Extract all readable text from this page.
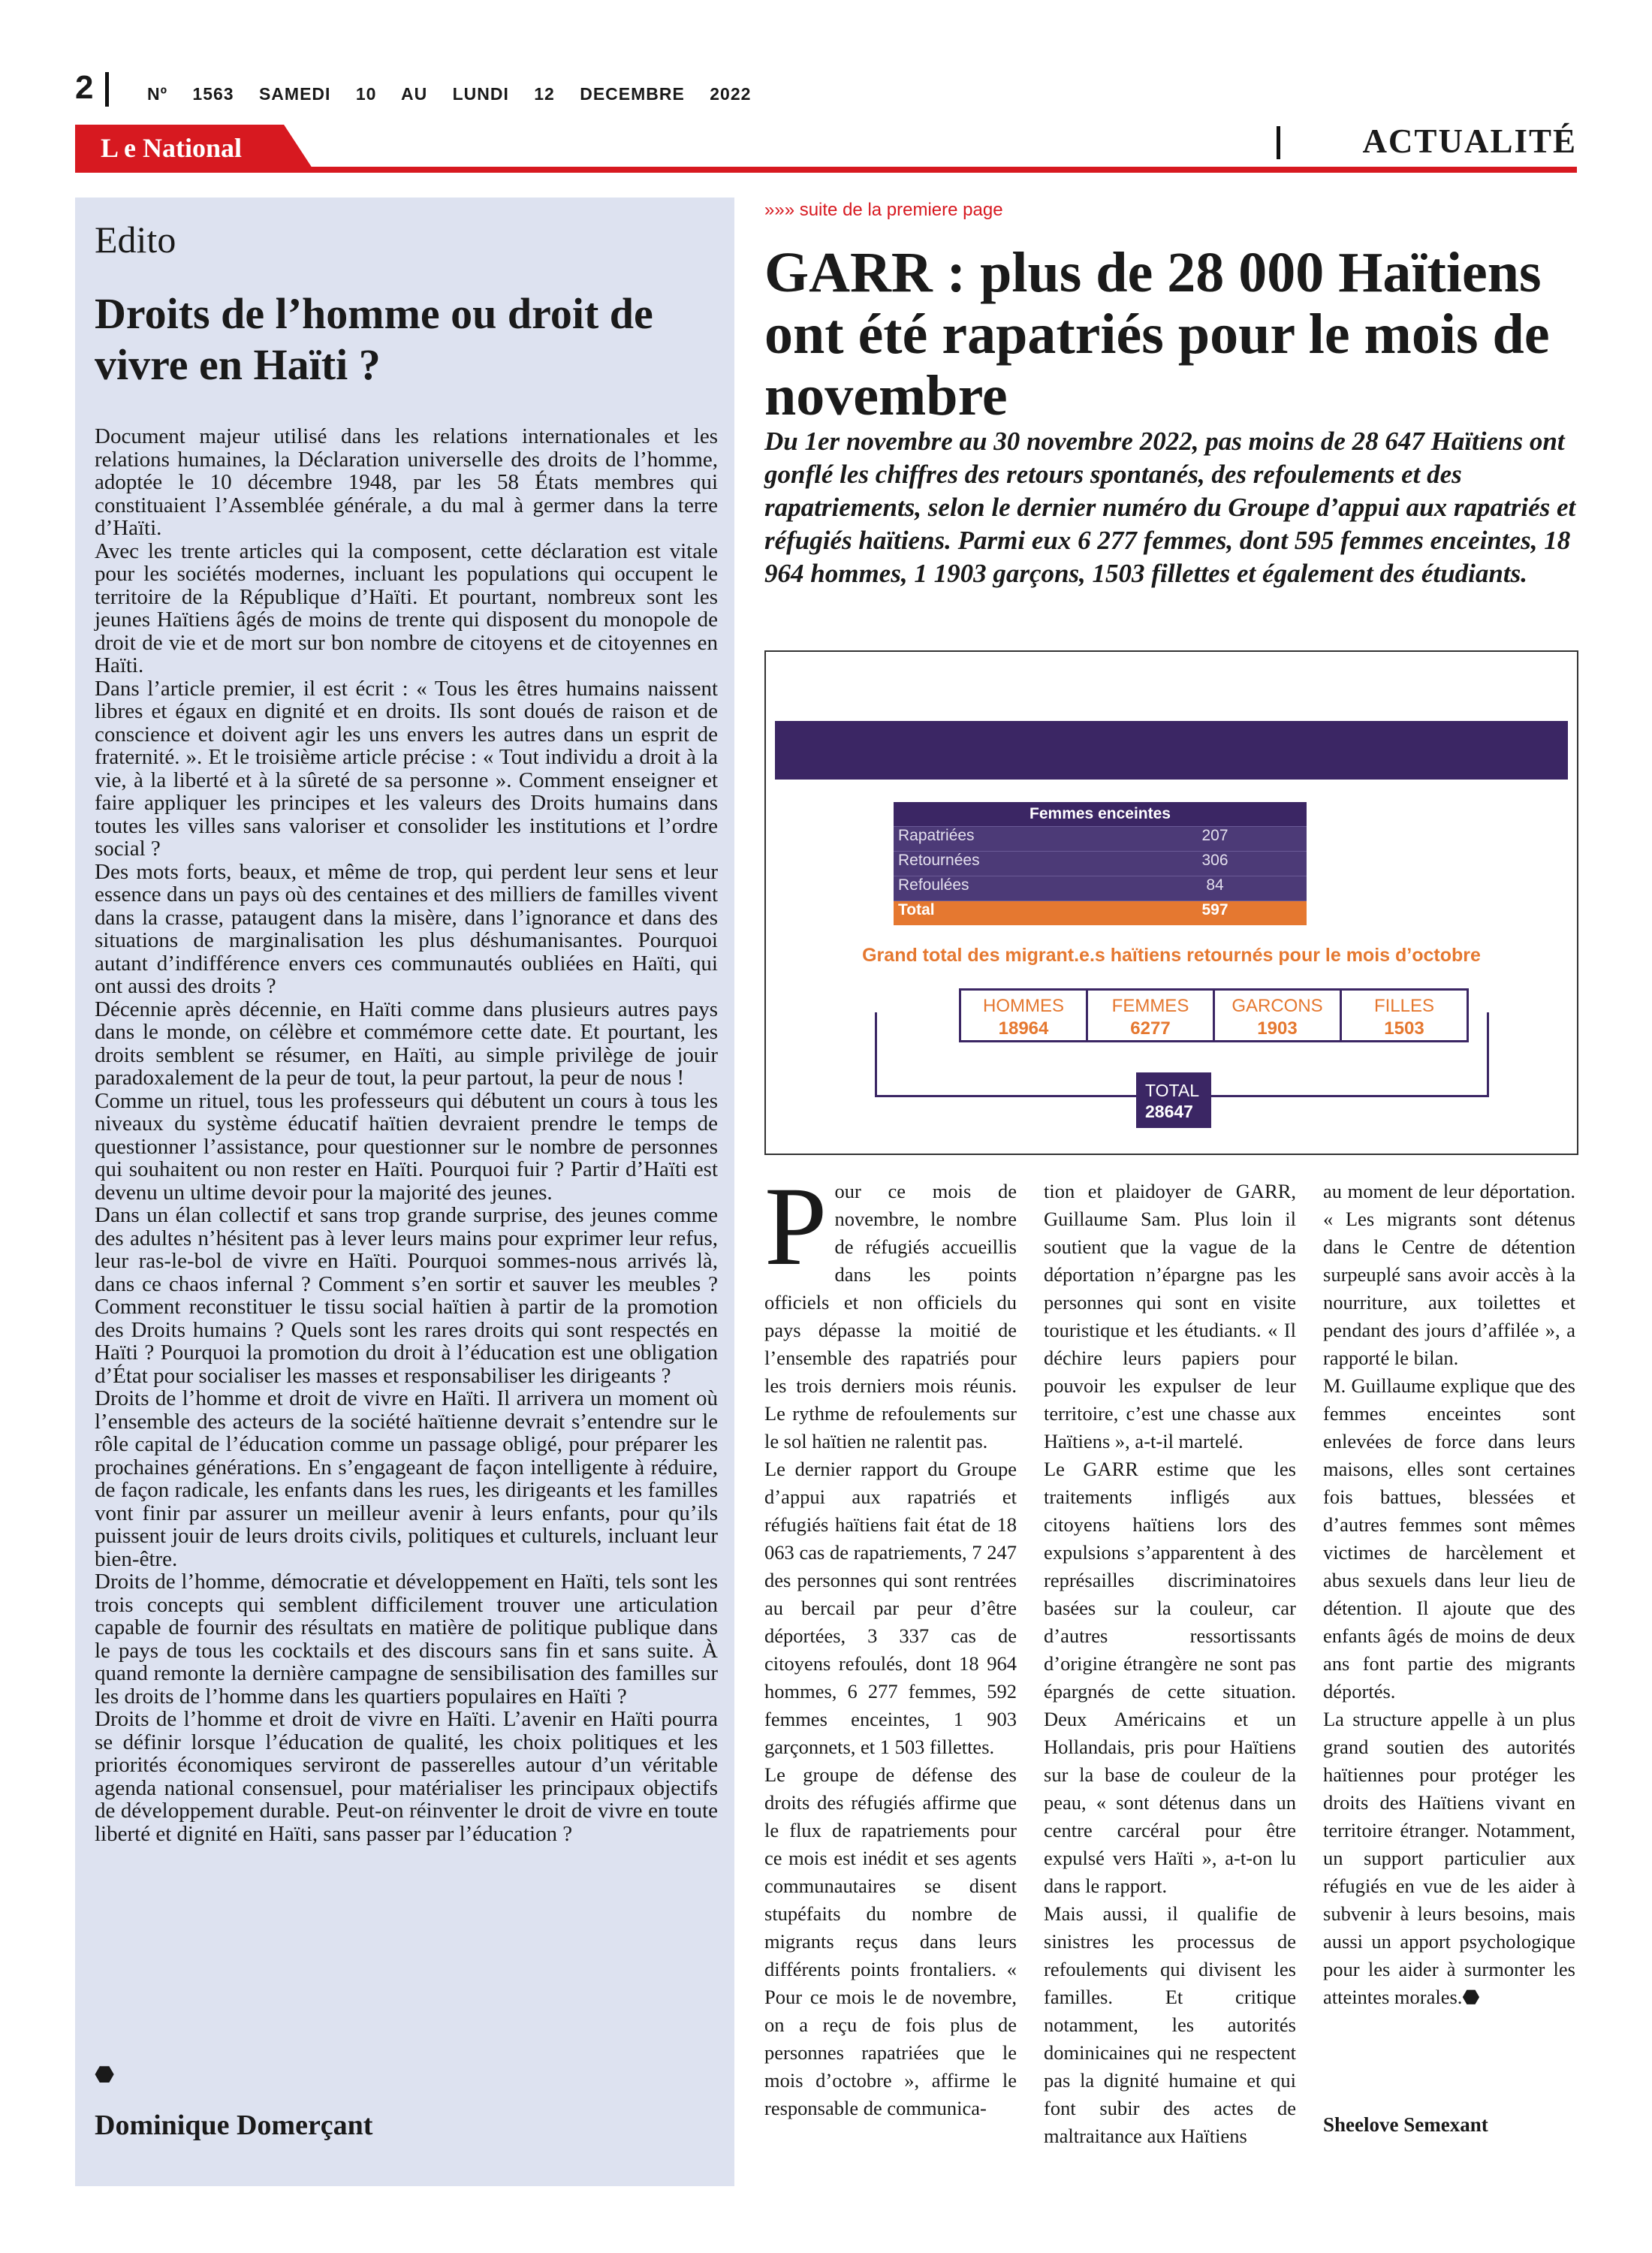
2	Nº 1563 SAMEDI 10 AU LUNDI 12 DECEMBRE 2022
L e National	ACTUALITÉ
Edito
Droits de l’homme ou droit de vivre en Haïti ?

Document majeur utilisé dans les relations internationales et les relations humaines, la Déclaration universelle des droits de l’homme, adoptée le 10 décembre 1948, par les 58 États membres qui constituaient l’Assemblée générale, a du mal à germer dans la terre d’Haïti.

Avec les trente articles qui la composent, cette déclaration est vitale pour les sociétés modernes, incluant les populations qui occupent le territoire de la République d’Haïti. Et pourtant, nombreux sont les jeunes Haïtiens âgés de moins de trente qui disposent du monopole de droit de vie et de mort sur bon nombre de citoyens et de citoyennes en Haïti.

Dans l’article premier, il est écrit : « Tous les êtres humains naissent libres et égaux en dignité et en droits. Ils sont doués de raison et de conscience et doivent agir les uns envers les autres dans un esprit de fraternité. ». Et le troisième article précise : « Tout individu a droit à la vie, à la liberté et à la sûreté de sa personne ». Comment enseigner et faire appliquer les principes et les valeurs des Droits humains dans toutes les villes sans valoriser et consolider les institutions et l’ordre social ?

Des mots forts, beaux, et même de trop, qui perdent leur sens et leur essence dans un pays où des centaines et des milliers de familles vivent dans la crasse, pataugent dans la misère, dans l’ignorance et dans des situations de marginalisation les plus déshumanisantes. Pourquoi autant d’indifférence envers ces communautés oubliées en Haïti, qui ont aussi des droits ?

Décennie après décennie, en Haïti comme dans plusieurs autres pays dans le monde, on célèbre et commémore cette date. Et pourtant, les droits semblent se résumer, en Haïti, au simple privilège de jouir paradoxalement de la peur de tout, la peur partout, la peur de nous !

Comme un rituel, tous les professeurs qui débutent un cours à tous les niveaux du système éducatif haïtien devraient prendre le temps de questionner l’assistance, pour questionner sur le nombre de personnes qui souhaitent ou non rester en Haïti. Pourquoi fuir ? Partir d’Haïti est devenu un ultime devoir pour la majorité des jeunes.

Dans un élan collectif et sans trop grande surprise, des jeunes comme des adultes n’hésitent pas à lever leurs mains pour exprimer leur refus, leur ras-le-bol de vivre en Haïti. Pourquoi sommes-nous arrivés là, dans ce chaos infernal ? Comment s’en sortir et sauver les meubles ? Comment reconstituer le tissu social haïtien à partir de la promotion des Droits humains ? Quels sont les rares droits qui sont respectés en Haïti ? Pourquoi la promotion du droit à l’éducation est une obligation d’État pour socialiser les masses et responsabiliser les dirigeants ?

Droits de l’homme et droit de vivre en Haïti. Il arrivera un moment où l’ensemble des acteurs de la société haïtienne devrait s’entendre sur le rôle capital de l’éducation comme un passage obligé, pour préparer les prochaines générations. En s’engageant de façon intelligente à réduire, de façon radicale, les enfants dans les rues, les dirigeants et les familles vont finir par assurer un meilleur avenir à leurs enfants, pour qu’ils puissent jouir de leurs droits civils, politiques et culturels, incluant leur bien-être.

Droits de l’homme, démocratie et développement en Haïti, tels sont les trois concepts qui semblent difficilement trouver une articulation capable de fournir des résultats en matière de politique publique dans le pays de tous les cocktails et des discours sans fin et sans suite. À quand remonte la dernière campagne de sensibilisation des familles sur les droits de l’homme dans les quartiers populaires en Haïti ?

Droits de l’homme et droit de vivre en Haïti. L’avenir en Haïti pourra se définir lorsque l’éducation de qualité, les choix politiques et les priorités économiques serviront de passerelles autour d’un véritable agenda national consensuel, pour matérialiser les principaux objectifs de développement durable. Peut-on réinventer le droit de vivre en toute liberté et dignité en Haïti, sans passer par l’éducation ?

⬣
Dominique Domerçant
»»» suite de la premiere page
GARR : plus de 28 000 Haïtiens ont été rapatriés pour le mois de novembre
Du 1er novembre au 30 novembre 2022, pas moins de 28 647 Haïtiens ont gonflé les chiffres des retours spontanés, des refoulements et des rapatriements, selon le dernier numéro du Groupe d’appui aux rapatriés et réfugiés haïtiens. Parmi eux 6 277 femmes, dont 595 femmes enceintes, 18 964 hommes, 1 1903 garçons, 1503 fillettes et également des étudiants.
Femmes enceintes
Rapatriées	207
Retournées	306
Refoulées	84
Total	597
Grand total des migrant.e.s haïtiens retournés pour le mois d’octobre
HOMMES
18964
FEMMES
6277
GARCONS
1903
FILLES
1503
TOTAL
28647

Pour ce mois de novembre, le nombre de réfugiés accueillis dans les points officiels et non officiels du pays dépasse la moitié de l’ensemble des rapatriés pour les trois derniers mois réunis. Le rythme de refoulements sur le sol haïtien ne ralentit pas.

Le dernier rapport du Groupe d’appui aux rapatriés et réfugiés haïtiens fait état de 18 063 cas de rapatriements, 7 247 des personnes qui sont rentrées au bercail par peur d’être déportées, 3 337 cas de citoyens refoulés, dont 18 964 hommes, 6 277 femmes, 592 femmes enceintes, 1 903 garçonnets, et 1 503 fillettes.

Le groupe de défense des droits des réfugiés affirme que le flux de rapatriements pour ce mois est inédit et ses agents communautaires se disent stupéfaits du nombre de migrants reçus dans leurs différents points frontaliers. « Pour ce mois le de novembre, on a reçu de fois plus de personnes rapatriées que le mois d’octobre », affirme le responsable de communica-

tion et plaidoyer de GARR, Guillaume Sam. Plus loin il soutient que la vague de la déportation n’épargne pas les personnes qui sont en visite touristique et les étudiants. « Il déchire leurs papiers pour pouvoir les expulser de leur territoire, c’est une chasse aux Haïtiens », a-t-il martelé.

Le GARR estime que les traitements infligés aux citoyens haïtiens lors des expulsions s’apparentent à des représailles discriminatoires basées sur la couleur, car d’autres ressortissants d’origine étrangère ne sont pas épargnés de cette situation. Deux Américains et un Hollandais, pris pour Haïtiens sur la base de couleur de la peau, « sont détenus dans un centre carcéral pour être expulsé vers Haïti », a-t-on lu dans le rapport.

Mais aussi, il qualifie de sinistres les processus de refoulements qui divisent les familles. Et critique notamment, les autorités dominicaines qui ne respectent pas la dignité humaine et qui font subir des actes de maltraitance aux Haïtiens

au moment de leur déportation. « Les migrants sont détenus dans le Centre de détention surpeuplé sans avoir accès à la nourriture, aux toilettes et pendant des jours d’affilée », a rapporté le bilan.

M. Guillaume explique que des femmes enceintes sont enlevées de force dans leurs maisons, elles sont certaines fois battues, blessées et d’autres femmes sont mêmes victimes de harcèlement et abus sexuels dans leur lieu de détention. Il ajoute que des enfants âgés de moins de deux ans font partie des migrants déportés.

La structure appelle à un plus grand soutien des autorités haïtiennes pour protéger les droits des Haïtiens vivant en territoire étranger. Notamment, un support particulier aux réfugiés en vue de les aider à subvenir à leurs besoins, mais aussi un apport psychologique pour les aider à surmonter les atteintes morales.⬣

Sheelove Semexant
